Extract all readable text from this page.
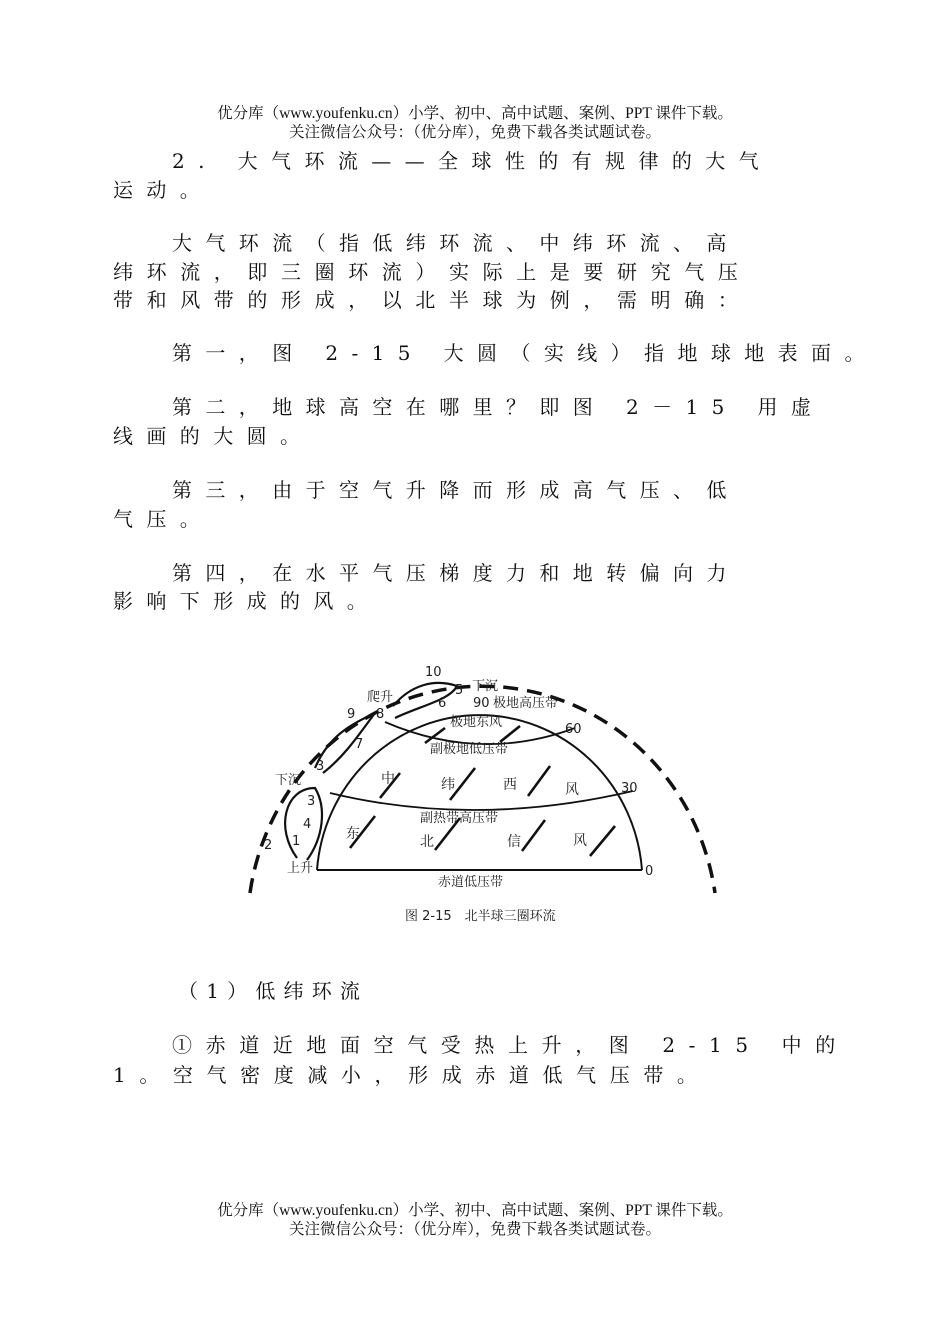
优分库（www.youfenku.cn）小学、初中、高中试题、案例、PPT 课件下载。
关注微信公众号：（优分库），免费下载各类试题试卷。
2. 大气环流——全球性的有规律的大气
运动。
大气环流（指低纬环流、中纬环流、高
纬环流，即三圈环流）实际上是要研究气压
带和风带的形成，以北半球为例，需明确：
第一，图 2-15 大圆（实线）指地球地表面。
第二，地球高空在哪里？即图 2－15 用虚
线画的大圆。
第三，由于空气升降而形成高气压、低
气压。
第四，在水平气压梯度力和地转偏向力
影响下形成的风。
10
下沉
5
6 90 极地高压带
爬升
9 8
极地东风	60
7	副极地低压带
3
中	纬	西	风	30
下沉
3
副热带高压带
4
东	北	信	风
1
2
上升	0
赤道低压带
图 2-15　北半球三圈环流
（1）低纬环流
①赤道近地面空气受热上升，图 2-15 中的
1。空气密度减小，形成赤道低气压带。
优分库（www.youfenku.cn）小学、初中、高中试题、案例、PPT 课件下载。
关注微信公众号：（优分库），免费下载各类试题试卷。
